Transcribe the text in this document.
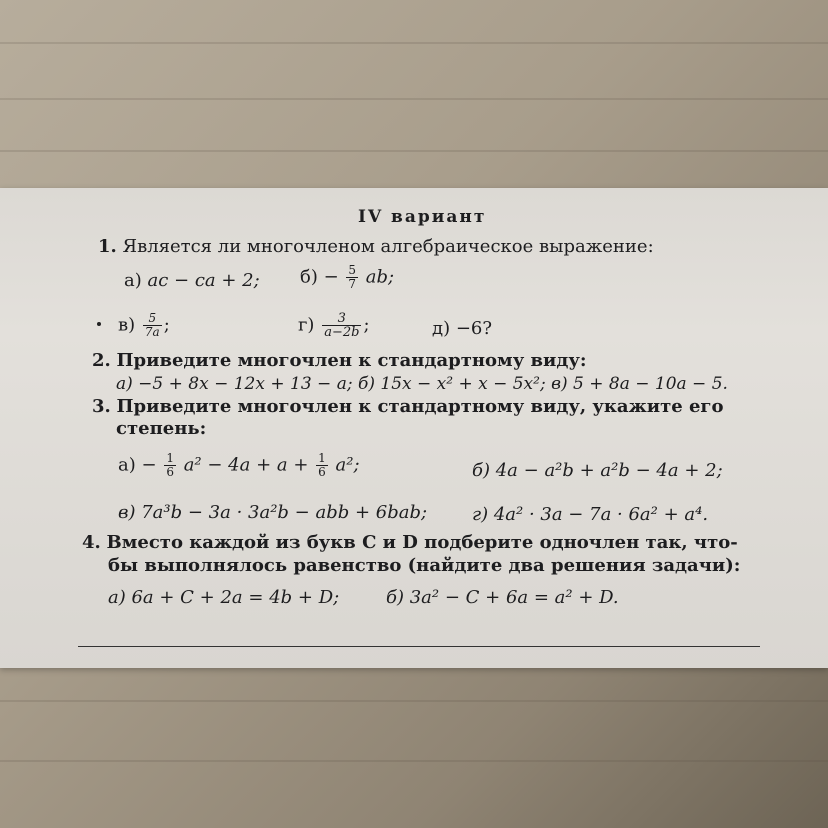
IV вариант
1. Является ли многочленом алгебраическое выражение:
а) ac − ca + 2; $б) - \frac{5}{7}$ ab;
$в) \frac{5}{7a}$ ;	$г) \frac{3}{a-2b}$ ;	д) −6?
2. Приведите многочлен к стандартному виду:
а) −5 + 8x − 12x + 13 − a; б) 15x − x² + x − 5x²; в) 5 + 8a − 10a − 5.
3. Приведите многочлен к стандартному виду, укажите его
степень:
$а) - \frac{1}{6} a^2 - 4a + a + \frac{1}{6} a^2$;	б) 4a − a²b + a²b − 4a + 2;
в) 7a³b − 3a · 3a²b − abb + 6bab; г) 4a² · 3a − 7a · 6a² + a⁴.
4. Вместо каждой из букв C и D подберите одночлен так, что-
бы выполнялось равенство (найдите два решения задачи):
а) 6a + C + 2a = 4b + D;	б) 3a² − C + 6a = a² + D.
